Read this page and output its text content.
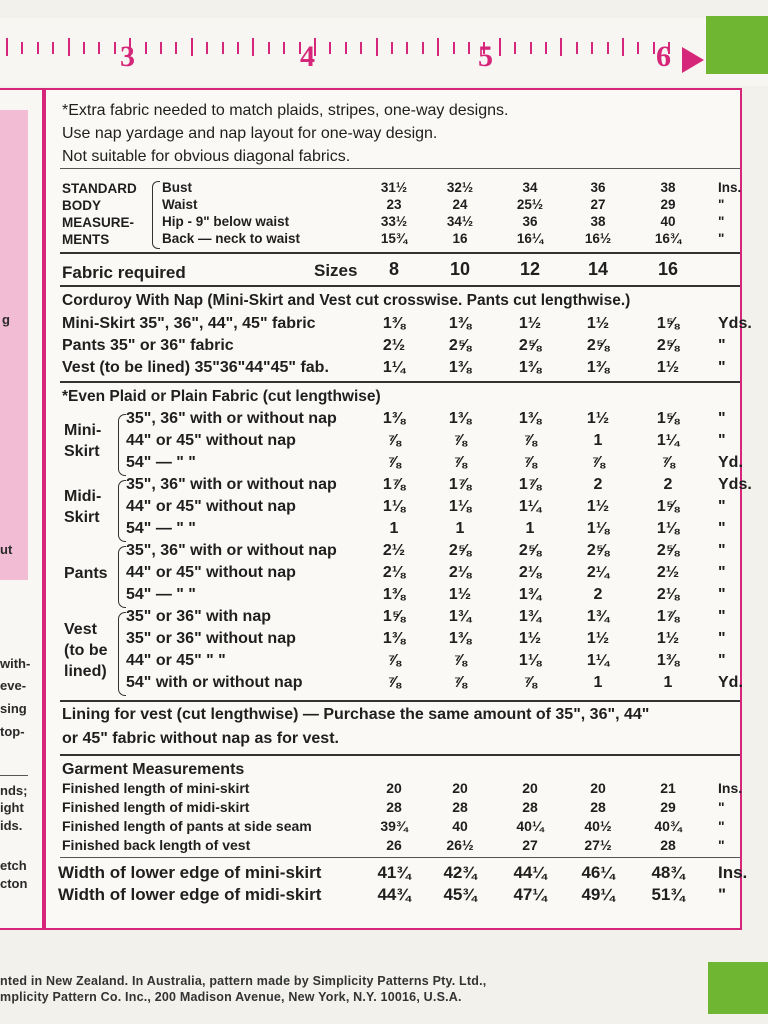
3	4	5	6
g
ut
with-
eve-
sing
top-
nds;
ight
ids.
etch
cton
*Extra fabric needed to match plaids, stripes, one-way designs.
Use nap yardage and nap layout for one-way design.
Not suitable for obvious diagonal fabrics.
STANDARD
BODY
MEASURE-
MENTS
Bust	31½	32½	34	36	38	Ins.
Waist	23	24	25½	27	29	"
Hip - 9" below waist	33½	34½	36	38	40	"
Back — neck to waist	15¾	16	16¼	16½	16¾	"
Fabric required	Sizes	8	10	12	14	16
Corduroy With Nap (Mini-Skirt and Vest cut crosswise. Pants cut lengthwise.)
Mini-Skirt 35", 36", 44", 45" fabric	1⅜	1⅜	1½	1½	1⅝	Yds.
Pants 35" or 36" fabric	2½	2⅝	2⅝	2⅝	2⅝	"
Vest (to be lined) 35"36"44"45" fab.	1¼	1⅜	1⅜	1⅜	1½	"
*Even Plaid or Plain Fabric (cut lengthwise)
Mini-
Skirt
35", 36" with or without nap	1⅜	1⅜	1⅜	1½	1⅝	"
44" or 45" without nap	⅞	⅞	⅞	1	1¼	"
54" — " "	⅞	⅞	⅞	⅞	⅞	Yd.
Midi-
Skirt
35", 36" with or without nap	1⅞	1⅞	1⅞	2	2	Yds.
44" or 45" without nap	1⅛	1⅛	1¼	1½	1⅝	"
54" — " "	1	1	1	1⅛	1⅛	"
Pants
35", 36" with or without nap	2½	2⅝	2⅝	2⅝	2⅝	"
44" or 45" without nap	2⅛	2⅛	2⅛	2¼	2½	"
54" — " "	1⅜	1½	1¾	2	2⅛	"
Vest
(to be
lined)
35" or 36" with nap	1⅝	1¾	1¾	1¾	1⅞	"
35" or 36" without nap	1⅜	1⅜	1½	1½	1½	"
44" or 45" " "	⅞	⅞	1⅛	1¼	1⅜	"
54" with or without nap	⅞	⅞	⅞	1	1	Yd.
Lining for vest (cut lengthwise) — Purchase the same amount of 35", 36", 44"
or 45" fabric without nap as for vest.
Garment Measurements
Finished length of mini-skirt	20	20	20	20	21	Ins.
Finished length of midi-skirt	28	28	28	28	29	"
Finished length of pants at side seam	39¾	40	40¼	40½	40¾	"
Finished back length of vest	26	26½	27	27½	28	"
Width of lower edge of mini-skirt	41¾	42¾	44¼	46¼	48¾	Ins.
Width of lower edge of midi-skirt	44¾	45¾	47¼	49¼	51¾	"
nted in New Zealand. In Australia, pattern made by Simplicity Patterns Pty. Ltd.,
mplicity Pattern Co. Inc., 200 Madison Avenue, New York, N.Y. 10016, U.S.A.
